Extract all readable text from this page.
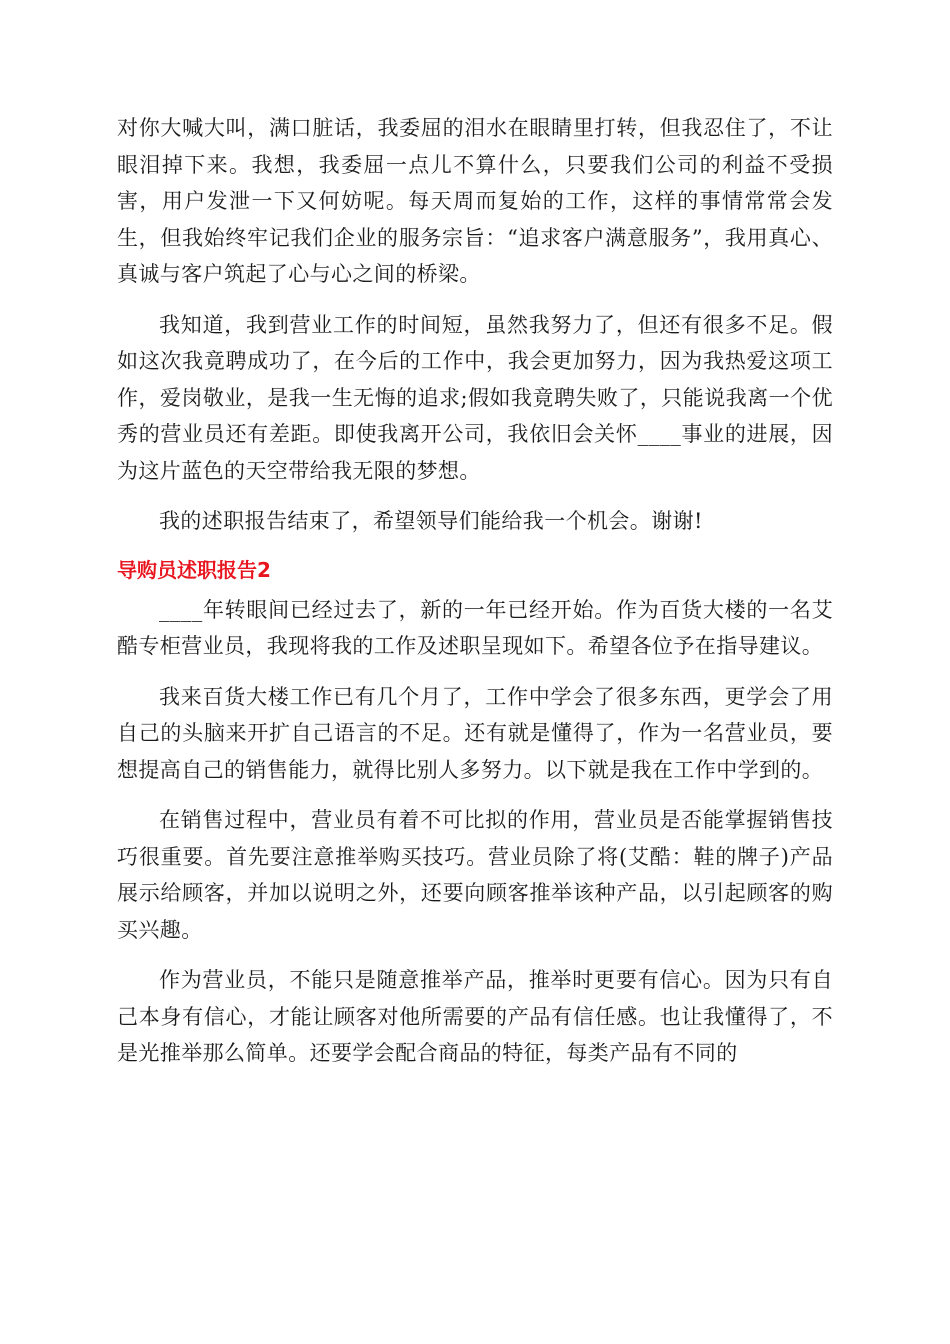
对你大喊大叫，满口脏话，我委屈的泪水在眼睛里打转，但我忍住了，不让眼泪掉下来。我想，我委屈一点儿不算什么，只要我们公司的利益不受损害，用户发泄一下又何妨呢。每天周而复始的工作，这样的事情常常会发生，但我始终牢记我们企业的服务宗旨：“追求客户满意服务”，我用真心、真诚与客户筑起了心与心之间的桥梁。

我知道，我到营业工作的时间短，虽然我努力了，但还有很多不足。假如这次我竟聘成功了，在今后的工作中，我会更加努力，因为我热爱这项工作，爱岗敬业，是我一生无悔的追求;假如我竟聘失败了，只能说我离一个优秀的营业员还有差距。即使我离开公司，我依旧会关怀____事业的进展，因为这片蓝色的天空带给我无限的梦想。

我的述职报告结束了，希望领导们能给我一个机会。谢谢!

导购员述职报告2

____年转眼间已经过去了，新的一年已经开始。作为百货大楼的一名艾酷专柜营业员，我现将我的工作及述职呈现如下。希望各位予在指导建议。

我来百货大楼工作已有几个月了，工作中学会了很多东西，更学会了用自己的头脑来开扩自己语言的不足。还有就是懂得了，作为一名营业员，要想提高自己的销售能力，就得比别人多努力。以下就是我在工作中学到的。

在销售过程中，营业员有着不可比拟的作用，营业员是否能掌握销售技巧很重要。首先要注意推举购买技巧。营业员除了将(艾酷：鞋的牌子)产品展示给顾客，并加以说明之外，还要向顾客推举该种产品，以引起顾客的购买兴趣。

作为营业员，不能只是随意推举产品，推举时更要有信心。因为只有自己本身有信心，才能让顾客对他所需要的产品有信任感。也让我懂得了，不是光推举那么简单。还要学会配合商品的特征，每类产品有不同的
